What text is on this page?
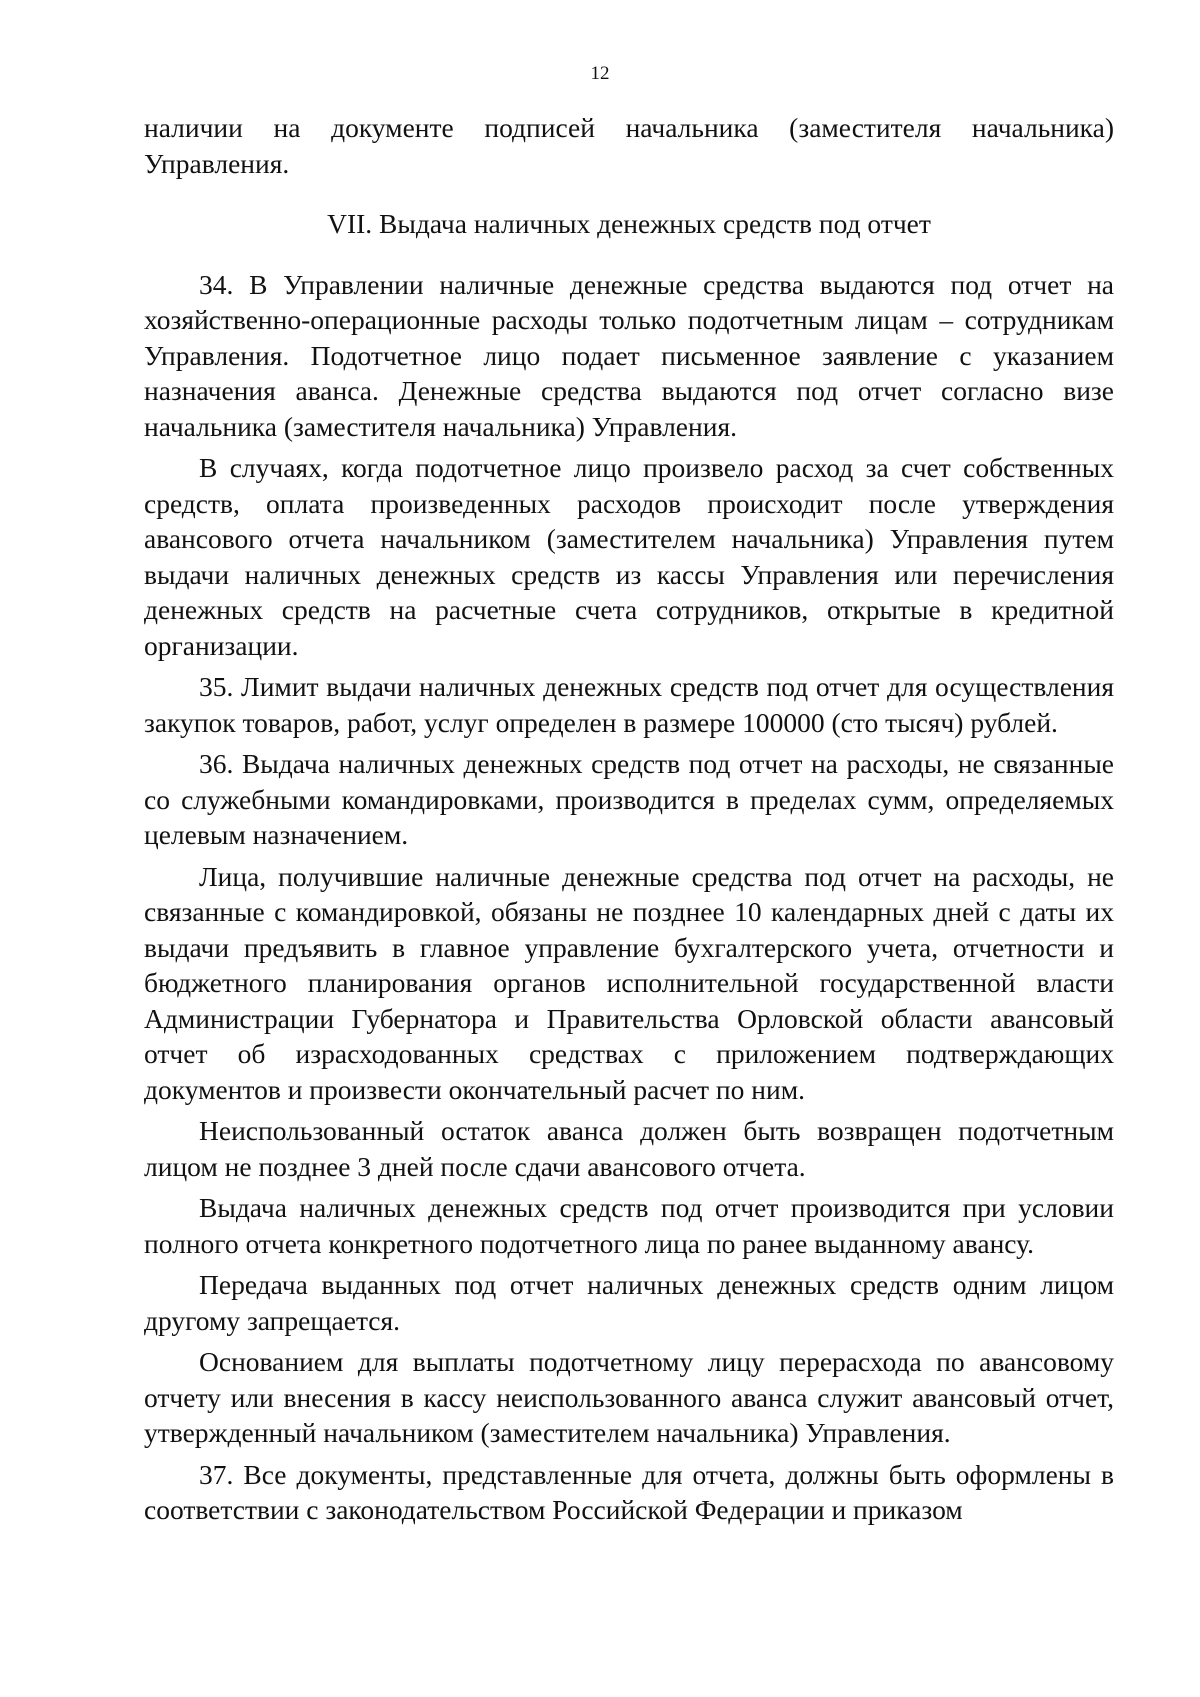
12

наличии на документе подписей начальника (заместителя начальника) Управления.

VII. Выдача наличных денежных средств под отчет

34. В Управлении наличные денежные средства выдаются под отчет на хозяйственно-операционные расходы только подотчетным лицам – сотрудникам Управления. Подотчетное лицо подает письменное заявление с указанием назначения аванса. Денежные средства выдаются под отчет согласно визе начальника (заместителя начальника) Управления.

В случаях, когда подотчетное лицо произвело расход за счет собственных средств, оплата произведенных расходов происходит после утверждения авансового отчета начальником (заместителем начальника) Управления путем выдачи наличных денежных средств из кассы Управления или перечисления денежных средств на расчетные счета сотрудников, открытые в кредитной организации.

35. Лимит выдачи наличных денежных средств под отчет для осуществления закупок товаров, работ, услуг определен в размере 100000 (сто тысяч) рублей.

36. Выдача наличных денежных средств под отчет на расходы, не связанные со служебными командировками, производится в пределах сумм, определяемых целевым назначением.

Лица, получившие наличные денежные средства под отчет на расходы, не связанные с командировкой, обязаны не позднее 10 календарных дней с даты их выдачи предъявить в главное управление бухгалтерского учета, отчетности и бюджетного планирования органов исполнительной государственной власти Администрации Губернатора и Правительства Орловской области авансовый отчет об израсходованных средствах с приложением подтверждающих документов и произвести окончательный расчет по ним.

Неиспользованный остаток аванса должен быть возвращен подотчетным лицом не позднее 3 дней после сдачи авансового отчета.

Выдача наличных денежных средств под отчет производится при условии полного отчета конкретного подотчетного лица по ранее выданному авансу.

Передача выданных под отчет наличных денежных средств одним лицом другому запрещается.

Основанием для выплаты подотчетному лицу перерасхода по авансовому отчету или внесения в кассу неиспользованного аванса служит авансовый отчет, утвержденный начальником (заместителем начальника) Управления.

37. Все документы, представленные для отчета, должны быть оформлены в соответствии с законодательством Российской Федерации и приказом
